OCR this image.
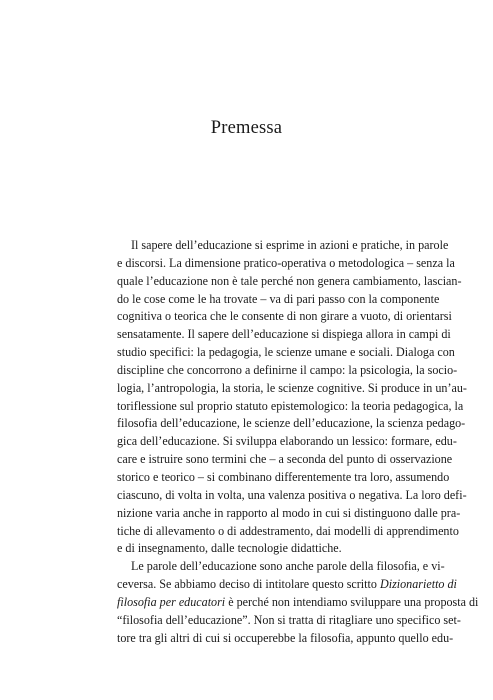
Premessa
Il sapere dell’educazione si esprime in azioni e pratiche, in parole
e discorsi. La dimensione pratico-operativa o metodologica – senza la
quale l’educazione non è tale perché non genera cambiamento, lascian-
do le cose come le ha trovate – va di pari passo con la componente
cognitiva o teorica che le consente di non girare a vuoto, di orientarsi
sensatamente. Il sapere dell’educazione si dispiega allora in campi di
studio specifici: la pedagogia, le scienze umane e sociali. Dialoga con
discipline che concorrono a definirne il campo: la psicologia, la socio-
logia, l’antropologia, la storia, le scienze cognitive. Si produce in un’au-
toriflessione sul proprio statuto epistemologico: la teoria pedagogica, la
filosofia dell’educazione, le scienze dell’educazione, la scienza pedago-
gica dell’educazione. Si sviluppa elaborando un lessico: formare, edu-
care e istruire sono termini che – a seconda del punto di osservazione
storico e teorico – si combinano differentemente tra loro, assumendo
ciascuno, di volta in volta, una valenza positiva o negativa. La loro defi-
nizione varia anche in rapporto al modo in cui si distinguono dalle pra-
tiche di allevamento o di addestramento, dai modelli di apprendimento
e di insegnamento, dalle tecnologie didattiche.
Le parole dell’educazione sono anche parole della filosofia, e vi-
ceversa. Se abbiamo deciso di intitolare questo scritto Dizionarietto di
filosofia per educatori è perché non intendiamo sviluppare una proposta di
“filosofia dell’educazione”. Non si tratta di ritagliare uno specifico set-
tore tra gli altri di cui si occuperebbe la filosofia, appunto quello edu-
